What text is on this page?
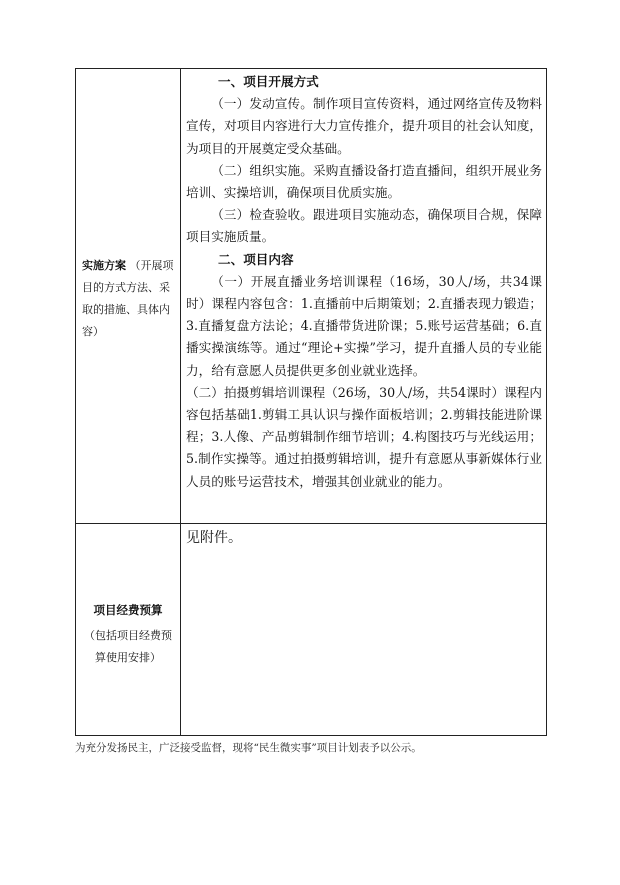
实施方案 （开展项目的方式方法、采取的措施、具体内容）

一、项目开展方式

（一）发动宣传。制作项目宣传资料，通过网络宣传及物料宣传，对项目内容进行大力宣传推介，提升项目的社会认知度，为项目的开展奠定受众基础。

（二）组织实施。采购直播设备打造直播间，组织开展业务培训、实操培训，确保项目优质实施。

（三）检查验收。跟进项目实施动态，确保项目合规，保障项目实施质量。

二、项目内容

（一）开展直播业务培训课程（16场，30人/场，共34课时）课程内容包含：1.直播前中后期策划；2.直播表现力锻造；3.直播复盘方法论；4.直播带货进阶课；5.账号运营基础；6.直播实操演练等。通过“理论+实操”学习，提升直播人员的专业能力，给有意愿人员提供更多创业就业选择。

（二）拍摄剪辑培训课程（26场，30人/场，共54课时）课程内容包括基础1.剪辑工具认识与操作面板培训；2.剪辑技能进阶课程；3.人像、产品剪辑制作细节培训；4.构图技巧与光线运用；5.制作实操等。通过拍摄剪辑培训，提升有意愿从事新媒体行业人员的账号运营技术，增强其创业就业的能力。

项目经费预算
（包括项目经费预算使用安排）
见附件。
为充分发扬民主，广泛接受监督，现将“民生微实事”项目计划表予以公示。
